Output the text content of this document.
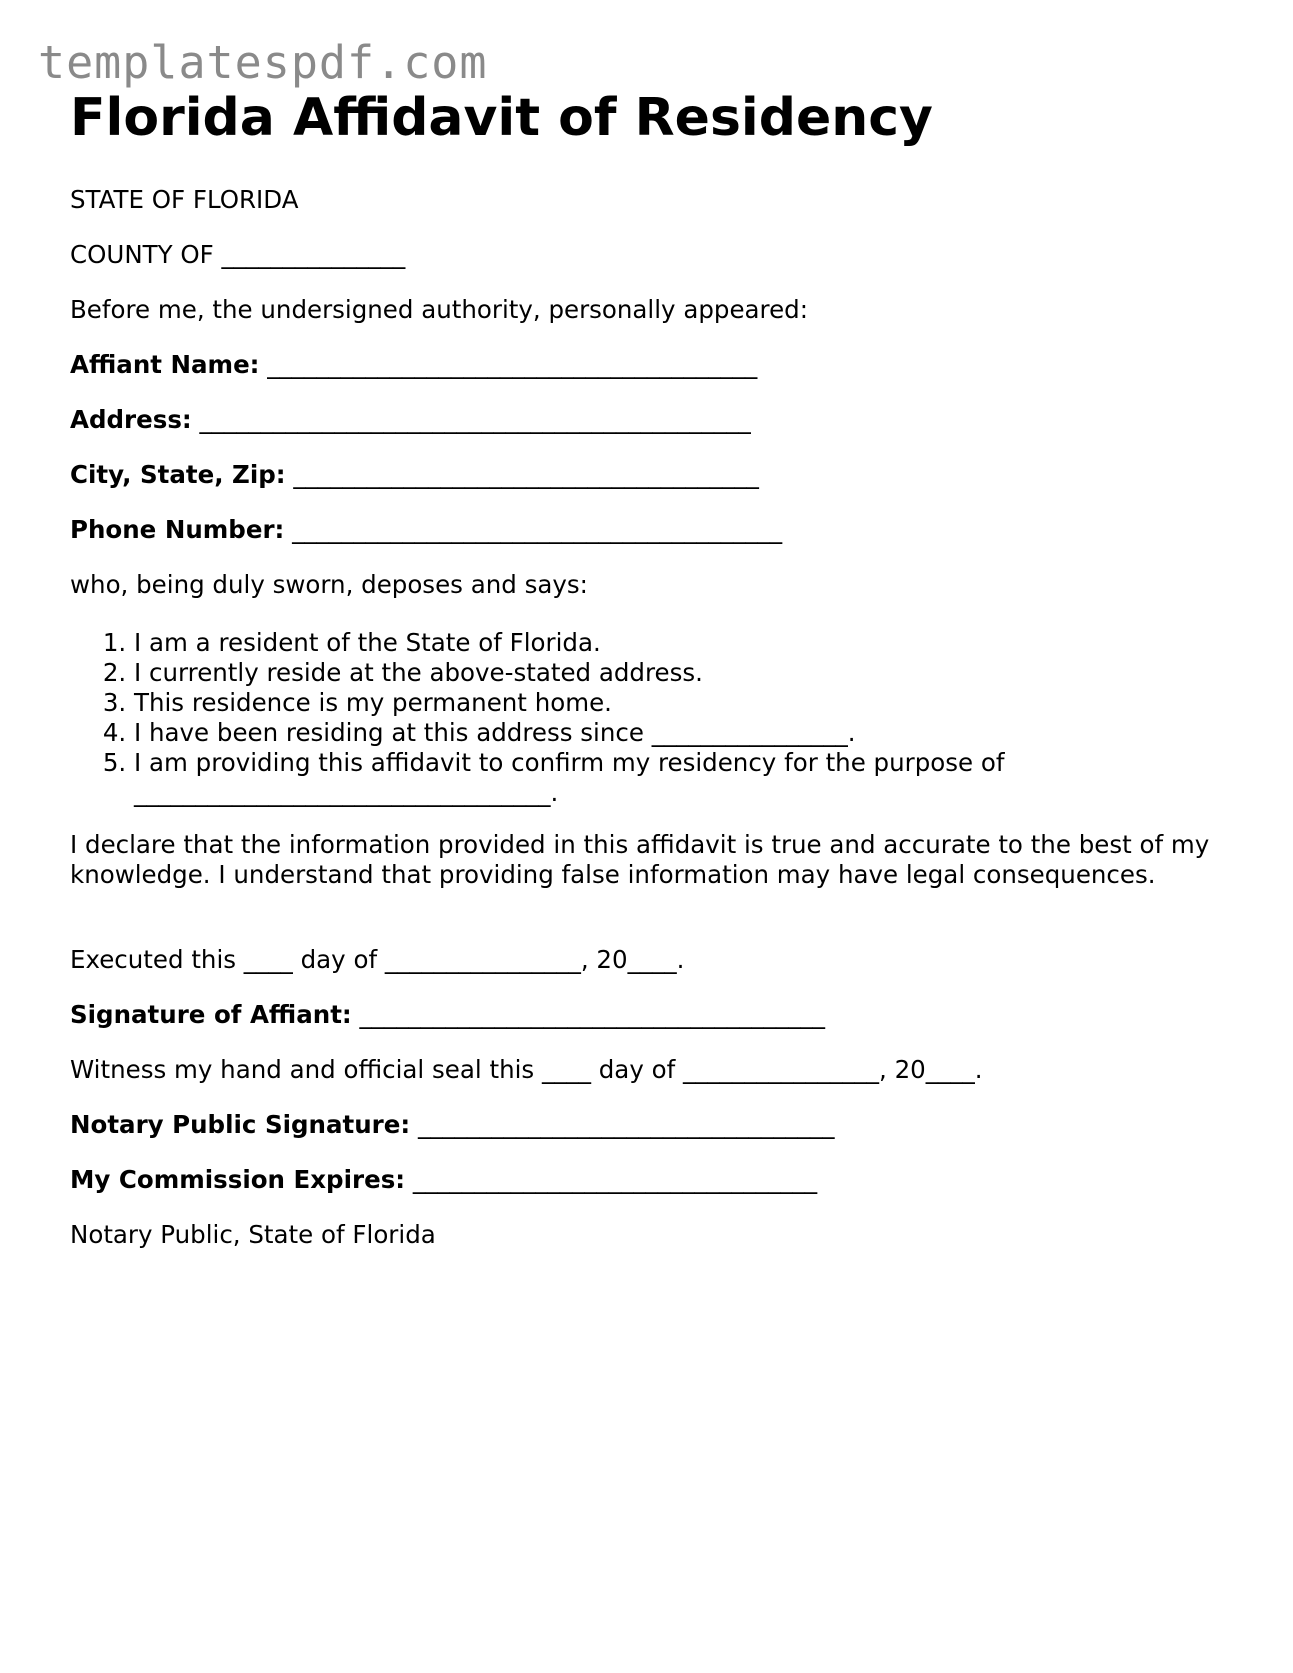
templatespdf.com
Florida Affidavit of Residency
STATE OF FLORIDA
COUNTY OF _______________
Before me, the undersigned authority, personally appeared:
Affiant Name: ________________________________________
Address: _____________________________________________
City, State, Zip: ______________________________________
Phone Number: ________________________________________
who, being duly sworn, deposes and says:
1. I am a resident of the State of Florida.
2. I currently reside at the above-stated address.
3. This residence is my permanent home.
4. I have been residing at this address since ________________.
5. I am providing this affidavit to confirm my residency for the purpose of __________________________________.
I declare that the information provided in this affidavit is true and accurate to the best of my knowledge. I understand that providing false information may have legal consequences.
Executed this ____ day of ________________, 20____.
Signature of Affiant: ______________________________________
Witness my hand and official seal this ____ day of ________________, 20____.
Notary Public Signature: __________________________________
My Commission Expires: _________________________________
Notary Public, State of Florida
